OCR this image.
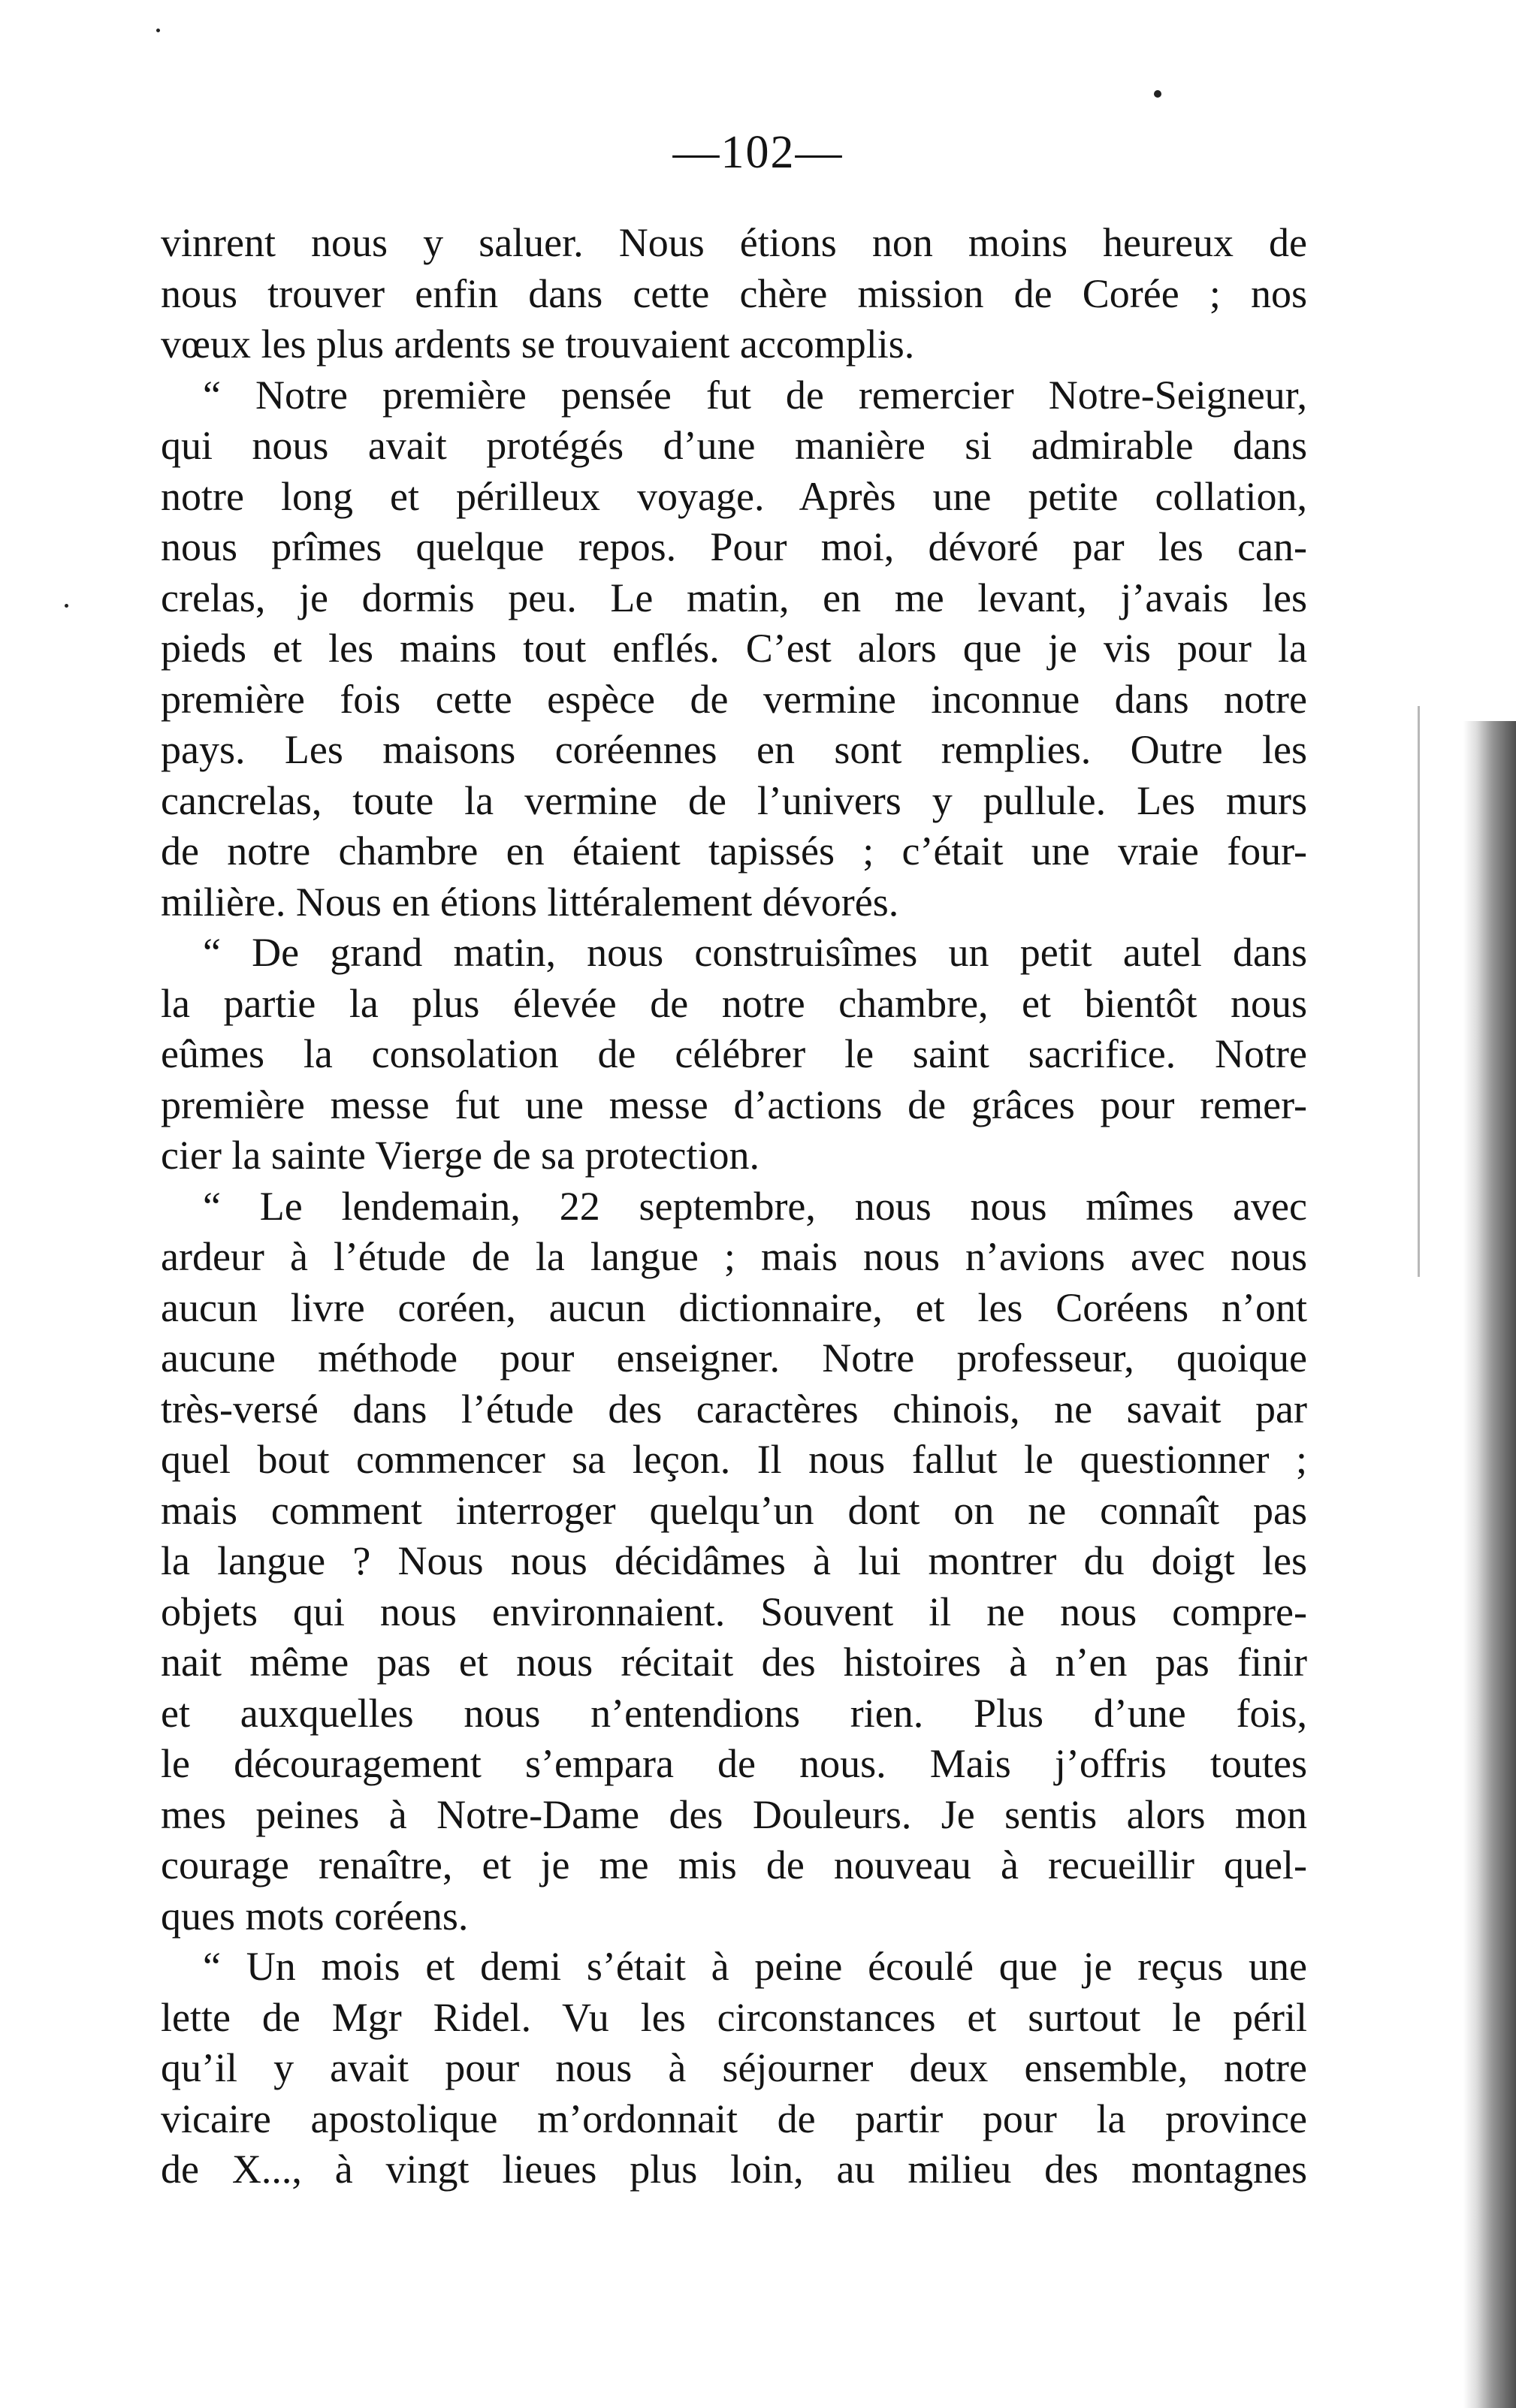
—102—
vinrent nous y saluer. Nous étions non moins heureux de
nous trouver enfin dans cette chère mission de Corée ; nos
vœux les plus ardents se trouvaient accomplis.
“ Notre première pensée fut de remercier Notre-Seigneur,
qui nous avait protégés d’une manière si admirable dans
notre long et périlleux voyage. Après une petite collation,
nous prîmes quelque repos. Pour moi, dévoré par les can-
crelas, je dormis peu. Le matin, en me levant, j’avais les
pieds et les mains tout enflés. C’est alors que je vis pour la
première fois cette espèce de vermine inconnue dans notre
pays. Les maisons coréennes en sont remplies. Outre les
cancrelas, toute la vermine de l’univers y pullule. Les murs
de notre chambre en étaient tapissés ; c’était une vraie four-
milière. Nous en étions littéralement dévorés.
“ De grand matin, nous construisîmes un petit autel dans
la partie la plus élevée de notre chambre, et bientôt nous
eûmes la consolation de célébrer le saint sacrifice. Notre
première messe fut une messe d’actions de grâces pour remer-
cier la sainte Vierge de sa protection.
“ Le lendemain, 22 septembre, nous nous mîmes avec
ardeur à l’étude de la langue ; mais nous n’avions avec nous
aucun livre coréen, aucun dictionnaire, et les Coréens n’ont
aucune méthode pour enseigner. Notre professeur, quoique
très-versé dans l’étude des caractères chinois, ne savait par
quel bout commencer sa leçon. Il nous fallut le questionner ;
mais comment interroger quelqu’un dont on ne connaît pas
la langue ? Nous nous décidâmes à lui montrer du doigt les
objets qui nous environnaient. Souvent il ne nous compre-
nait même pas et nous récitait des histoires à n’en pas finir
et auxquelles nous n’entendions rien. Plus d’une fois,
le découragement s’empara de nous. Mais j’offris toutes
mes peines à Notre-Dame des Douleurs. Je sentis alors mon
courage renaître, et je me mis de nouveau à recueillir quel-
ques mots coréens.
“ Un mois et demi s’était à peine écoulé que je reçus une
lette de Mgr Ridel. Vu les circonstances et surtout le péril
qu’il y avait pour nous à séjourner deux ensemble, notre
vicaire apostolique m’ordonnait de partir pour la province
de X..., à vingt lieues plus loin, au milieu des montagnes
